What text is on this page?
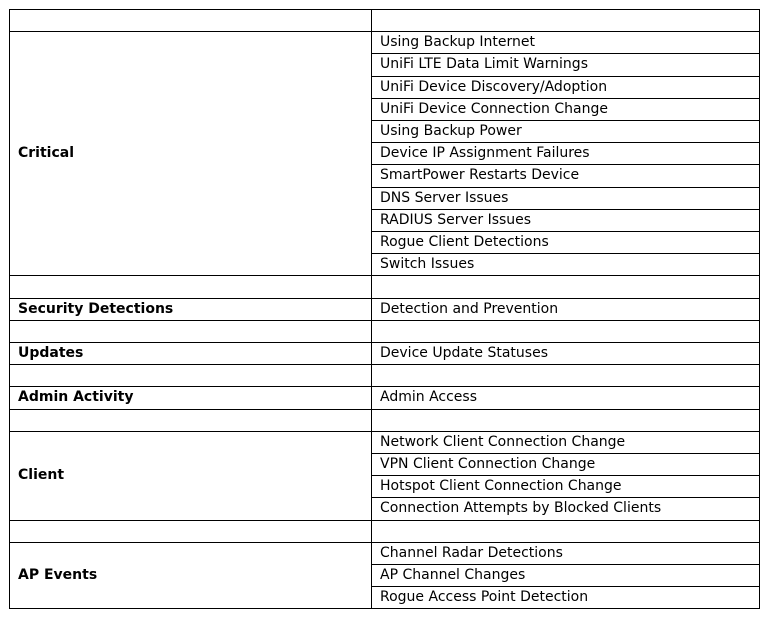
Critical	Using Backup Internet
	UniFi LTE Data Limit Warnings
	UniFi Device Discovery/Adoption
	UniFi Device Connection Change
	Using Backup Power
	Device IP Assignment Failures
	SmartPower Restarts Device
	DNS Server Issues
	RADIUS Server Issues
	Rogue Client Detections
	Switch Issues

Security Detections	Detection and Prevention

Updates	Device Update Statuses

Admin Activity	Admin Access

Client	Network Client Connection Change
	VPN Client Connection Change
	Hotspot Client Connection Change
	Connection Attempts by Blocked Clients

AP Events	Channel Radar Detections
	AP Channel Changes
	Rogue Access Point Detection
